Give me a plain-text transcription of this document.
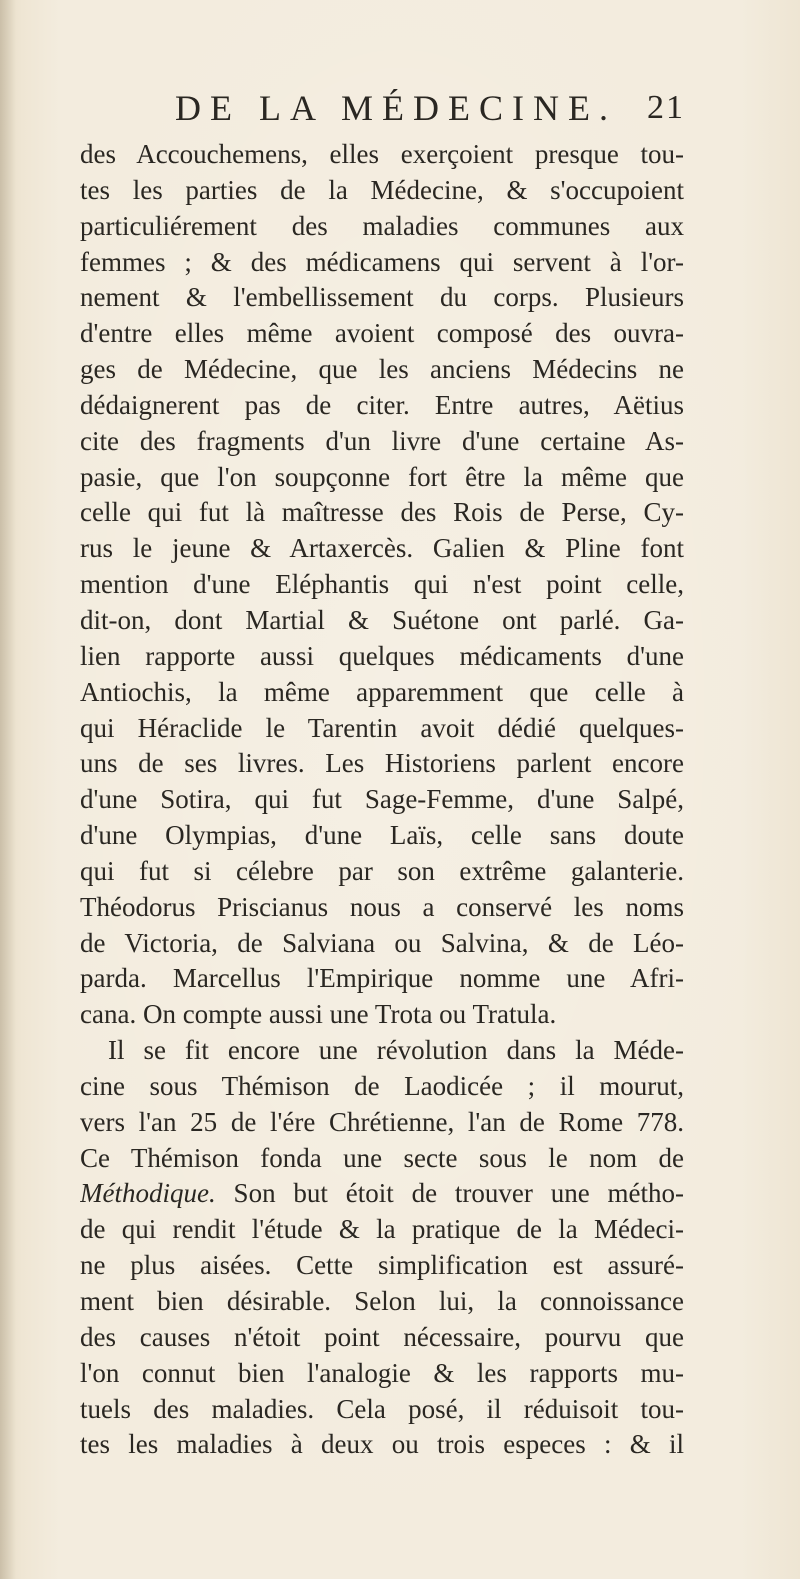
DE LA MÉDECINE. 21
des Accouchemens, elles exerçoient presque tou-
tes les parties de la Médecine, & s'occupoient
particuliérement des maladies communes aux
femmes ; & des médicamens qui servent à l'or-
nement & l'embellissement du corps. Plusieurs
d'entre elles même avoient composé des ouvra-
ges de Médecine, que les anciens Médecins ne
dédaignerent pas de citer. Entre autres, Aëtius
cite des fragments d'un livre d'une certaine As-
pasie, que l'on soupçonne fort être la même que
celle qui fut là maîtresse des Rois de Perse, Cy-
rus le jeune & Artaxercès. Galien & Pline font
mention d'une Eléphantis qui n'est point celle,
dit-on, dont Martial & Suétone ont parlé. Ga-
lien rapporte aussi quelques médicaments d'une
Antiochis, la même apparemment que celle à
qui Héraclide le Tarentin avoit dédié quelques-
uns de ses livres. Les Historiens parlent encore
d'une Sotira, qui fut Sage-Femme, d'une Salpé,
d'une Olympias, d'une Laïs, celle sans doute
qui fut si célebre par son extrême galanterie.
Théodorus Priscianus nous a conservé les noms
de Victoria, de Salviana ou Salvina, & de Léo-
parda. Marcellus l'Empirique nomme une Afri-
cana. On compte aussi une Trota ou Tratula.
Il se fit encore une révolution dans la Méde-
cine sous Thémison de Laodicée ; il mourut,
vers l'an 25 de l'ére Chrétienne, l'an de Rome 778.
Ce Thémison fonda une secte sous le nom de
Méthodique. Son but étoit de trouver une métho-
de qui rendit l'étude & la pratique de la Médeci-
ne plus aisées. Cette simplification est assuré-
ment bien désirable. Selon lui, la connoissance
des causes n'étoit point nécessaire, pourvu que
l'on connut bien l'analogie & les rapports mu-
tuels des maladies. Cela posé, il réduisoit tou-
tes les maladies à deux ou trois especes : & il
